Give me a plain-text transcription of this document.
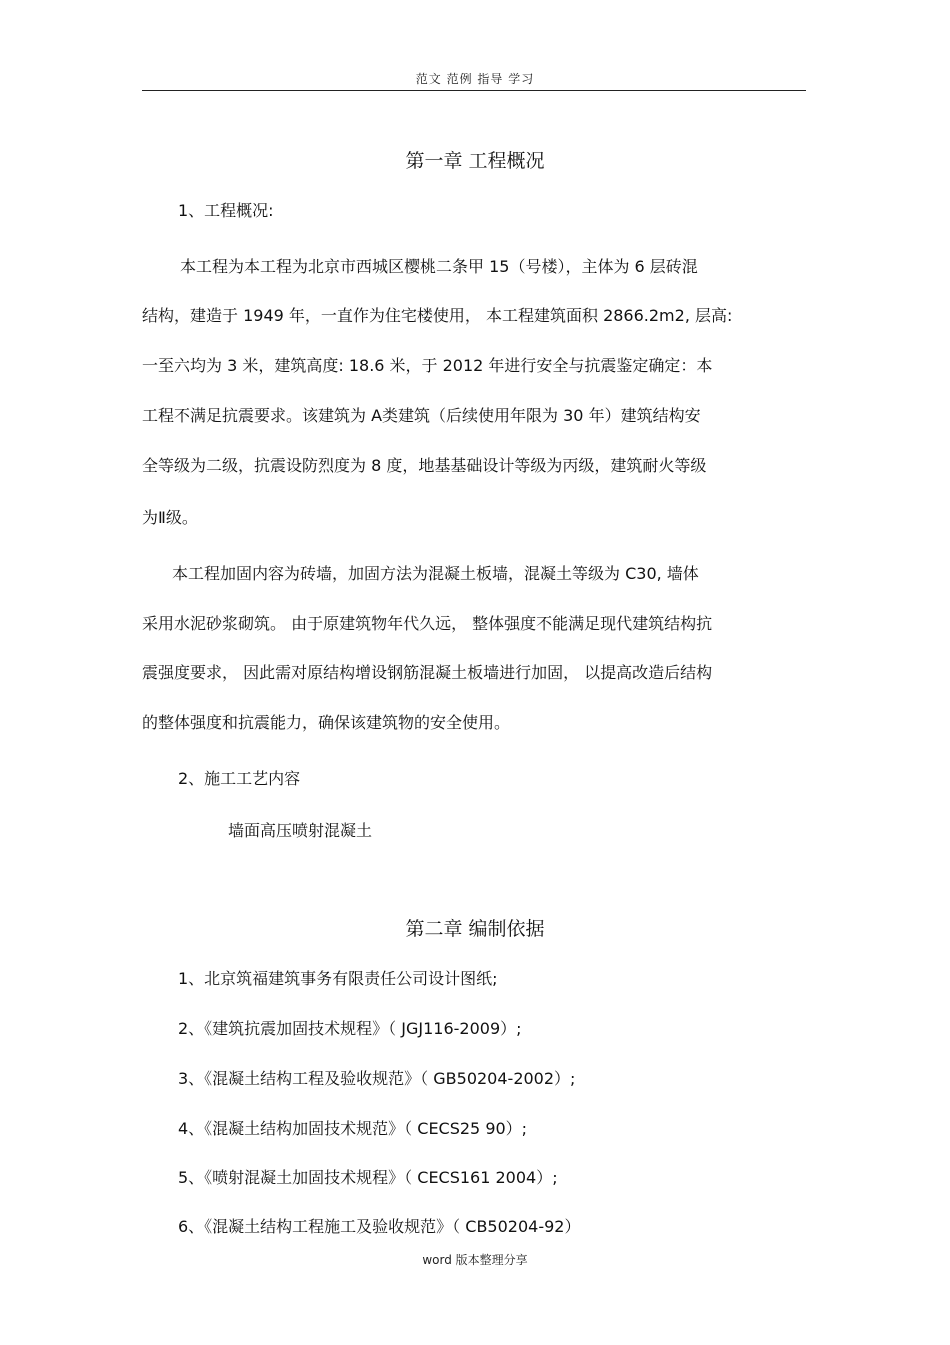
范文 范例 指导 学习
第一章 工程概况
1、工程概况:
本工程为本工程为北京市西城区樱桃二条甲 15（号楼），主体为 6 层砖混
结构，建造于 1949 年，一直作为住宅楼使用， 本工程建筑面积 2866.2m2, 层高:
一至六均为 3 米，建筑高度: 18.6 米，于 2012 年进行安全与抗震鉴定确定：本
工程不满足抗震要求。该建筑为 A类建筑（后续使用年限为 30 年）建筑结构安
全等级为二级，抗震设防烈度为 8 度，地基基础设计等级为丙级，建筑耐火等级
为Ⅱ级。
本工程加固内容为砖墙，加固方法为混凝土板墙，混凝土等级为 C30, 墙体
采用水泥砂浆砌筑。 由于原建筑物年代久远， 整体强度不能满足现代建筑结构抗
震强度要求， 因此需对原结构增设钢筋混凝土板墙进行加固， 以提高改造后结构
的整体强度和抗震能力，确保该建筑物的安全使用。
2、施工工艺内容
墙面高压喷射混凝土
第二章 编制依据
1、北京筑福建筑事务有限责任公司设计图纸;
2、《建筑抗震加固技术规程》（ JGJ116-2009）;
3、《混凝土结构工程及验收规范》（ GB50204-2002）;
4、《混凝土结构加固技术规范》（ CECS25 90）;
5、《喷射混凝土加固技术规程》（ CECS161 2004）;
6、《混凝土结构工程施工及验收规范》（ CB50204-92）
word 版本整理分享
